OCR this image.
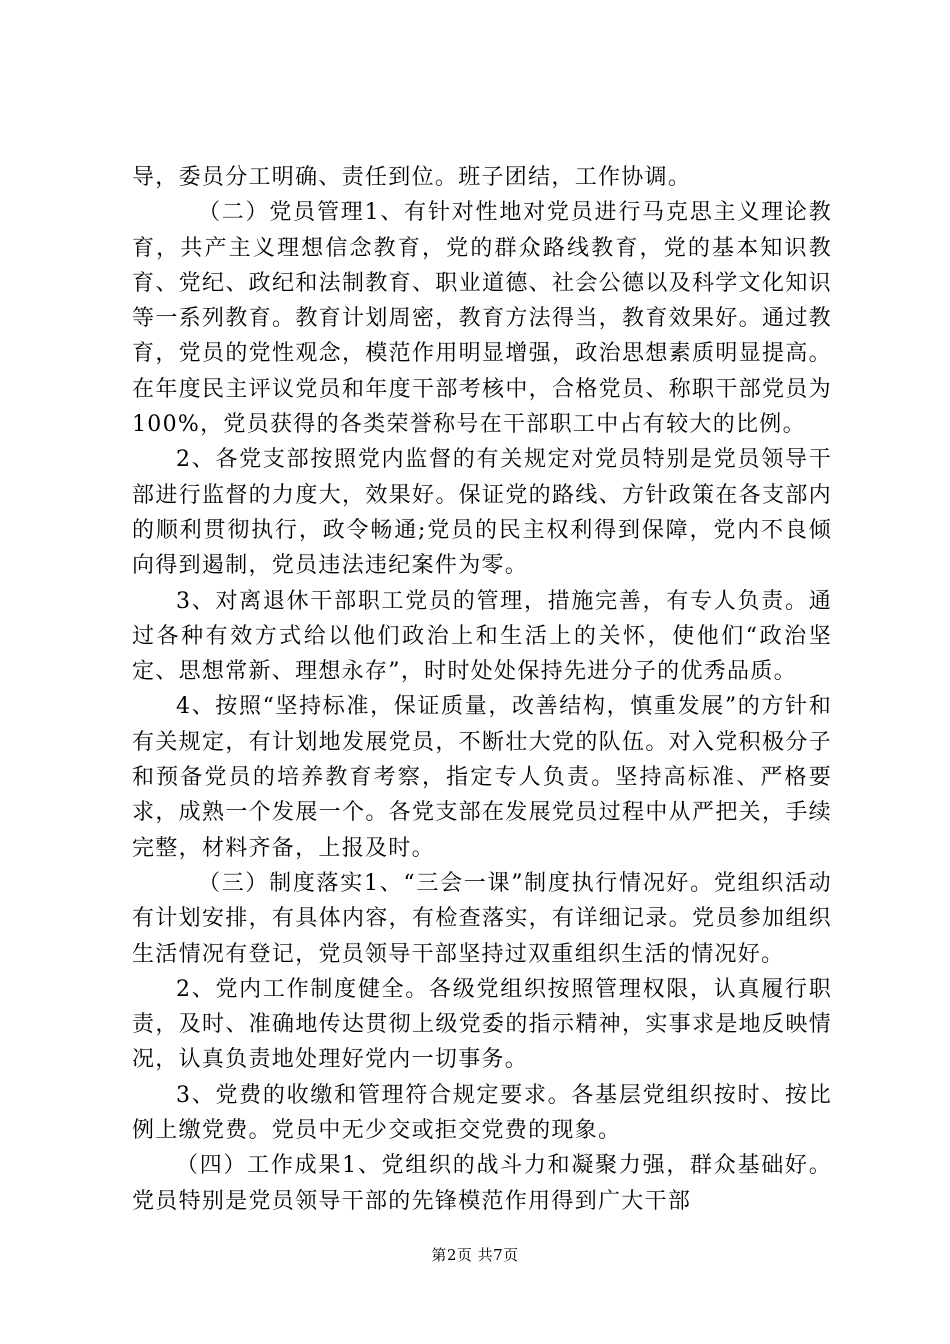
导，委员分工明确、责任到位。班子团结，工作协调。

（二）党员管理1、有针对性地对党员进行马克思主义理论教育，共产主义理想信念教育，党的群众路线教育，党的基本知识教育、党纪、政纪和法制教育、职业道德、社会公德以及科学文化知识等一系列教育。教育计划周密，教育方法得当，教育效果好。通过教育，党员的党性观念，模范作用明显增强，政治思想素质明显提高。在年度民主评议党员和年度干部考核中，合格党员、称职干部党员为100%，党员获得的各类荣誉称号在干部职工中占有较大的比例。

2、各党支部按照党内监督的有关规定对党员特别是党员领导干部进行监督的力度大，效果好。保证党的路线、方针政策在各支部内的顺利贯彻执行，政令畅通;党员的民主权利得到保障，党内不良倾向得到遏制，党员违法违纪案件为零。

3、对离退休干部职工党员的管理，措施完善，有专人负责。通过各种有效方式给以他们政治上和生活上的关怀，使他们“政治坚定、思想常新、理想永存”，时时处处保持先进分子的优秀品质。

4、按照“坚持标准，保证质量，改善结构，慎重发展”的方针和有关规定，有计划地发展党员，不断壮大党的队伍。对入党积极分子和预备党员的培养教育考察，指定专人负责。坚持高标准、严格要求，成熟一个发展一个。各党支部在发展党员过程中从严把关，手续完整，材料齐备，上报及时。

（三）制度落实1、“三会一课”制度执行情况好。党组织活动有计划安排，有具体内容，有检查落实，有详细记录。党员参加组织生活情况有登记，党员领导干部坚持过双重组织生活的情况好。

2、党内工作制度健全。各级党组织按照管理权限，认真履行职责，及时、准确地传达贯彻上级党委的指示精神，实事求是地反映情况，认真负责地处理好党内一切事务。

3、党费的收缴和管理符合规定要求。各基层党组织按时、按比例上缴党费。党员中无少交或拒交党费的现象。

（四）工作成果1、党组织的战斗力和凝聚力强，群众基础好。党员特别是党员领导干部的先锋模范作用得到广大干部

第2页 共7页
